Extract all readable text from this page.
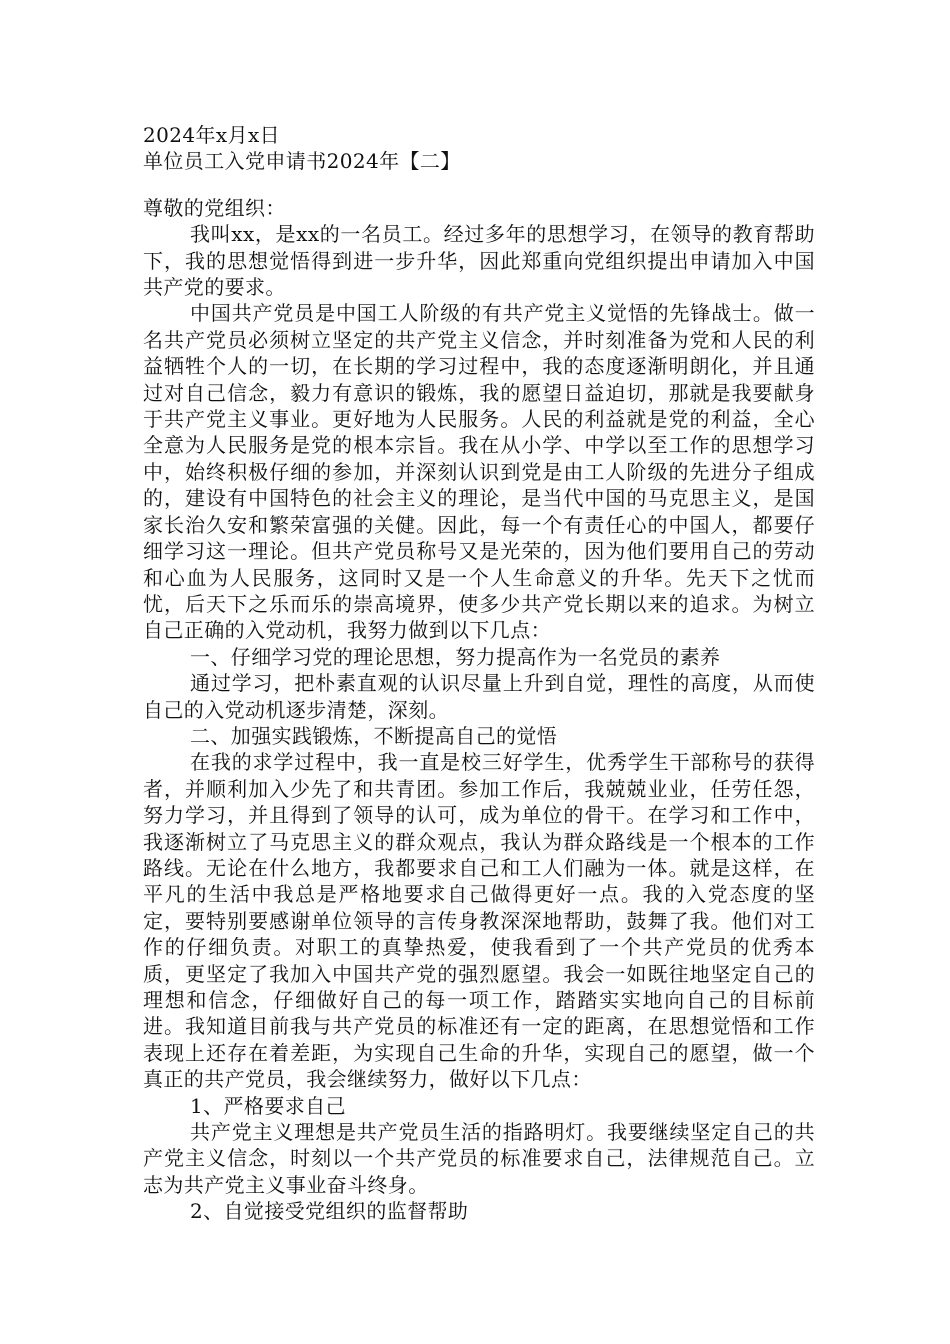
2024年x月x日

单位员工入党申请书2024年【二】

尊敬的党组织：

我叫xx，是xx的一名员工。经过多年的思想学习，在领导的教育帮助下，我的思想觉悟得到进一步升华，因此郑重向党组织提出申请加入中国共产党的要求。

中国共产党员是中国工人阶级的有共产党主义觉悟的先锋战士。做一名共产党员必须树立坚定的共产党主义信念，并时刻准备为党和人民的利益牺牲个人的一切，在长期的学习过程中，我的态度逐渐明朗化，并且通过对自己信念，毅力有意识的锻炼，我的愿望日益迫切，那就是我要献身于共产党主义事业。更好地为人民服务。人民的利益就是党的利益，全心全意为人民服务是党的根本宗旨。我在从小学、中学以至工作的思想学习中，始终积极仔细的参加，并深刻认识到党是由工人阶级的先进分子组成的，建设有中国特色的社会主义的理论，是当代中国的马克思主义，是国家长治久安和繁荣富强的关健。因此，每一个有责任心的中国人，都要仔细学习这一理论。但共产党员称号又是光荣的，因为他们要用自己的劳动和心血为人民服务，这同时又是一个人生命意义的升华。先天下之忧而忧，后天下之乐而乐的崇高境界，使多少共产党长期以来的追求。为树立自己正确的入党动机，我努力做到以下几点：

一、仔细学习党的理论思想，努力提高作为一名党员的素养

通过学习，把朴素直观的认识尽量上升到自觉，理性的高度，从而使自己的入党动机逐步清楚，深刻。

二、加强实践锻炼，不断提高自己的觉悟

在我的求学过程中，我一直是校三好学生，优秀学生干部称号的获得者，并顺利加入少先了和共青团。参加工作后，我兢兢业业，任劳任怨，努力学习，并且得到了领导的认可，成为单位的骨干。在学习和工作中，我逐渐树立了马克思主义的群众观点，我认为群众路线是一个根本的工作路线。无论在什么地方，我都要求自己和工人们融为一体。就是这样，在平凡的生活中我总是严格地要求自己做得更好一点。我的入党态度的坚定，要特别要感谢单位领导的言传身教深深地帮助，鼓舞了我。他们对工作的仔细负责。对职工的真挚热爱，使我看到了一个共产党员的优秀本质，更坚定了我加入中国共产党的强烈愿望。我会一如既往地坚定自己的理想和信念，仔细做好自己的每一项工作，踏踏实实地向自己的目标前进。我知道目前我与共产党员的标准还有一定的距离，在思想觉悟和工作表现上还存在着差距，为实现自己生命的升华，实现自己的愿望，做一个真正的共产党员，我会继续努力，做好以下几点：

1、严格要求自己

共产党主义理想是共产党员生活的指路明灯。我要继续坚定自己的共产党主义信念，时刻以一个共产党员的标准要求自己，法律规范自己。立志为共产党主义事业奋斗终身。

2、自觉接受党组织的监督帮助
